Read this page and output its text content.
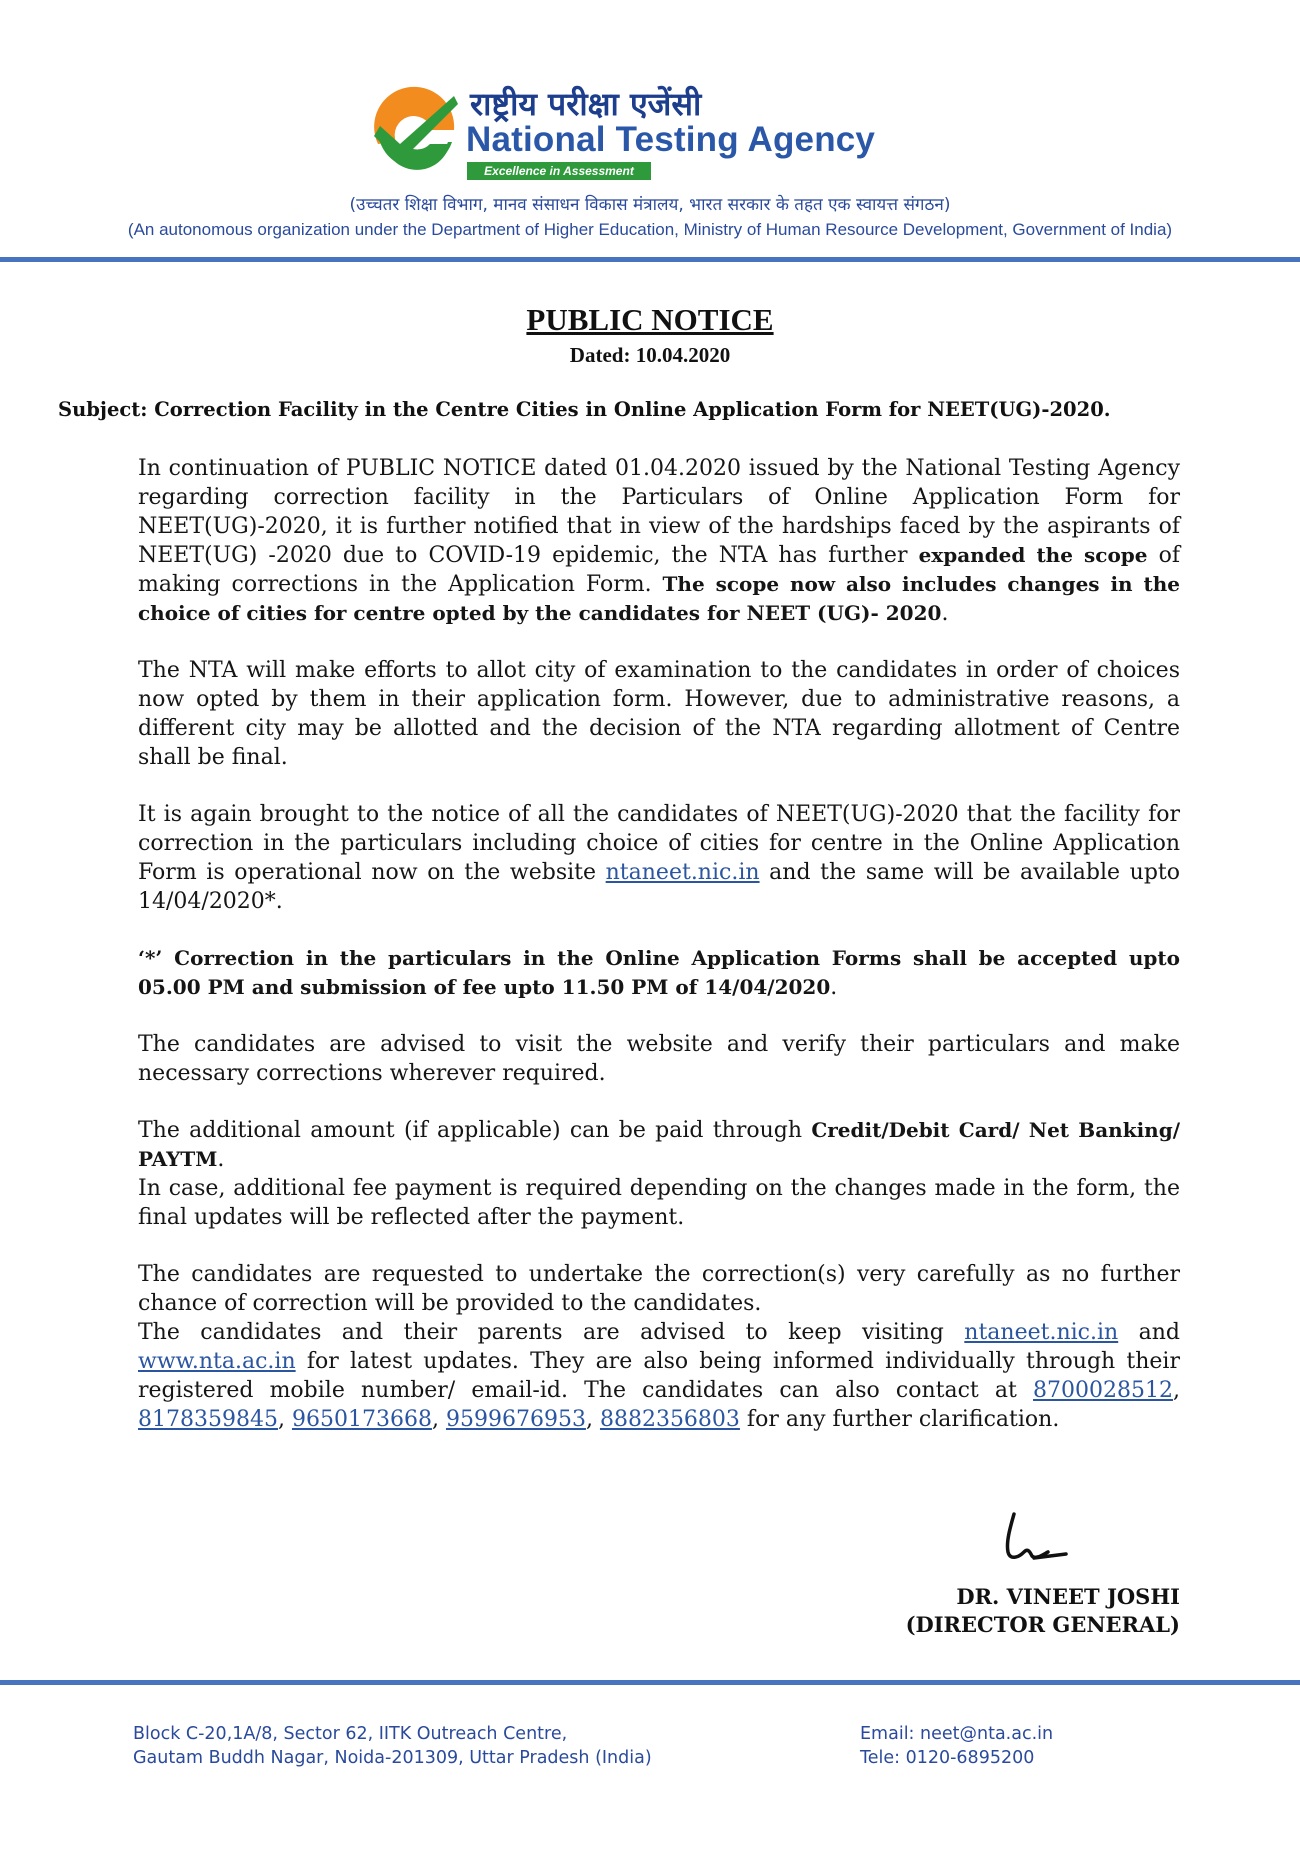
राष्ट्रीय परीक्षा एजेंसी
National Testing Agency
Excellence in Assessment
(उच्चतर शिक्षा विभाग, मानव संसाधन विकास मंत्रालय, भारत सरकार के तहत एक स्वायत्त संगठन)
(An autonomous organization under the Department of Higher Education, Ministry of Human Resource Development, Government of India)
PUBLIC NOTICE
Dated: 10.04.2020
Subject: Correction Facility in the Centre Cities in Online Application Form for NEET(UG)-2020.

In continuation of PUBLIC NOTICE dated 01.04.2020 issued by the National Testing Agency regarding correction facility in the Particulars of Online Application Form for NEET(UG)-2020, it is further notified that in view of the hardships faced by the aspirants of NEET(UG) -2020 due to COVID-19 epidemic, the NTA has further expanded the scope of making corrections in the Application Form. The scope now also includes changes in the choice of cities for centre opted by the candidates for NEET (UG)- 2020.

The NTA will make efforts to allot city of examination to the candidates in order of choices now opted by them in their application form. However, due to administrative reasons, a different city may be allotted and the decision of the NTA regarding allotment of Centre shall be final.

It is again brought to the notice of all the candidates of NEET(UG)-2020 that the facility for correction in the particulars including choice of cities for centre in the Online Application Form is operational now on the website ntaneet.nic.in and the same will be available upto 14/04/2020*.

‘*’ Correction in the particulars in the Online Application Forms shall be accepted upto 05.00 PM and submission of fee upto 11.50 PM of 14/04/2020.

The candidates are advised to visit the website and verify their particulars and make necessary corrections wherever required.

The additional amount (if applicable) can be paid through Credit/Debit Card/ Net Banking/ PAYTM.

In case, additional fee payment is required depending on the changes made in the form, the final updates will be reflected after the payment.

The candidates are requested to undertake the correction(s) very carefully as no further chance of correction will be provided to the candidates.

The candidates and their parents are advised to keep visiting ntaneet.nic.in and www.nta.ac.in for latest updates. They are also being informed individually through their registered mobile number/ email-id. The candidates can also contact at 8700028512, 8178359845, 9650173668, 9599676953, 8882356803 for any further clarification.

DR. VINEET JOSHI
(DIRECTOR GENERAL)
Block C-20,1A/8, Sector 62, IITK Outreach Centre,
Gautam Buddh Nagar, Noida-201309, Uttar Pradesh (India)
Email: neet@nta.ac.in
Tele: 0120-6895200
